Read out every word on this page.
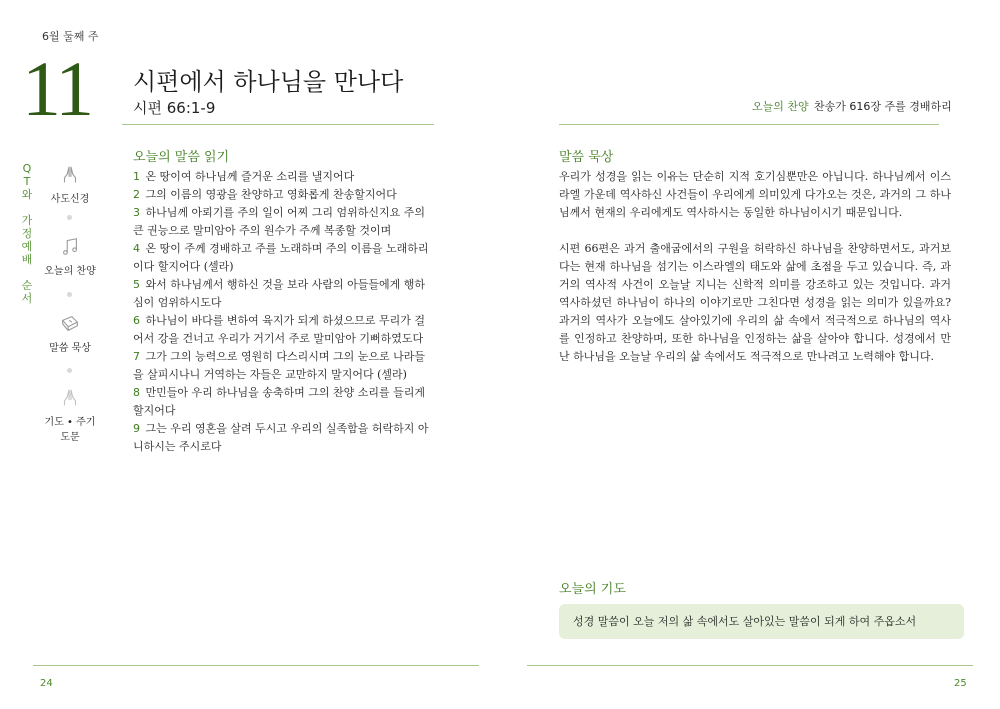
6월 둘째 주
11 시편에서 하나님을 만나다
시편 66:1-9	오늘의 찬양 찬송가 616장 주를 경배하리
Q
T
와
가
정
예
배
순
서
사도신경
오늘의 찬양
말씀 묵상
기도 • 주기도문
오늘의 말씀 읽기

1 온 땅이여 하나님께 즐거운 소리를 낼지어다

2 그의 이름의 영광을 찬양하고 영화롭게 찬송할지어다

3 하나님께 아뢰기를 주의 일이 어찌 그리 엄위하신지요 주의 큰 권능으로 말미암아 주의 원수가 주께 복종할 것이며

4 온 땅이 주께 경배하고 주를 노래하며 주의 이름을 노래하리이다 할지어다 (셀라)

5 와서 하나님께서 행하신 것을 보라 사람의 아들들에게 행하심이 엄위하시도다

6 하나님이 바다를 변하여 육지가 되게 하셨으므로 무리가 걸어서 강을 건너고 우리가 거기서 주로 말미암아 기뻐하였도다

7 그가 그의 능력으로 영원히 다스리시며 그의 눈으로 나라들을 살피시나니 거역하는 자들은 교만하지 말지어다 (셀라)

8 만민들아 우리 하나님을 송축하며 그의 찬양 소리를 들리게 할지어다

9 그는 우리 영혼을 살려 두시고 우리의 실족함을 허락하지 아니하시는 주시로다

말씀 묵상

우리가 성경을 읽는 이유는 단순히 지적 호기심뿐만은 아닙니다. 하나님께서 이스라엘 가운데 역사하신 사건들이 우리에게 의미있게 다가오는 것은, 과거의 그 하나님께서 현재의 우리에게도 역사하시는 동일한 하나님이시기 때문입니다.

시편 66편은 과거 출애굽에서의 구원을 허락하신 하나님을 찬양하면서도, 과거보다는 현재 하나님을 섬기는 이스라엘의 태도와 삶에 초점을 두고 있습니다. 즉, 과거의 역사적 사건이 오늘날 지니는 신학적 의미를 강조하고 있는 것입니다. 과거 역사하셨던 하나님이 하나의 이야기로만 그친다면 성경을 읽는 의미가 있을까요? 과거의 역사가 오늘에도 살아있기에 우리의 삶 속에서 적극적으로 하나님의 역사를 인정하고 찬양하며, 또한 하나님을 인정하는 삶을 살아야 합니다. 성경에서 만난 하나님을 오늘날 우리의 삶 속에서도 적극적으로 만나려고 노력해야 합니다.

오늘의 기도
성경 말씀이 오늘 저의 삶 속에서도 살아있는 말씀이 되게 하여 주옵소서
24	25
